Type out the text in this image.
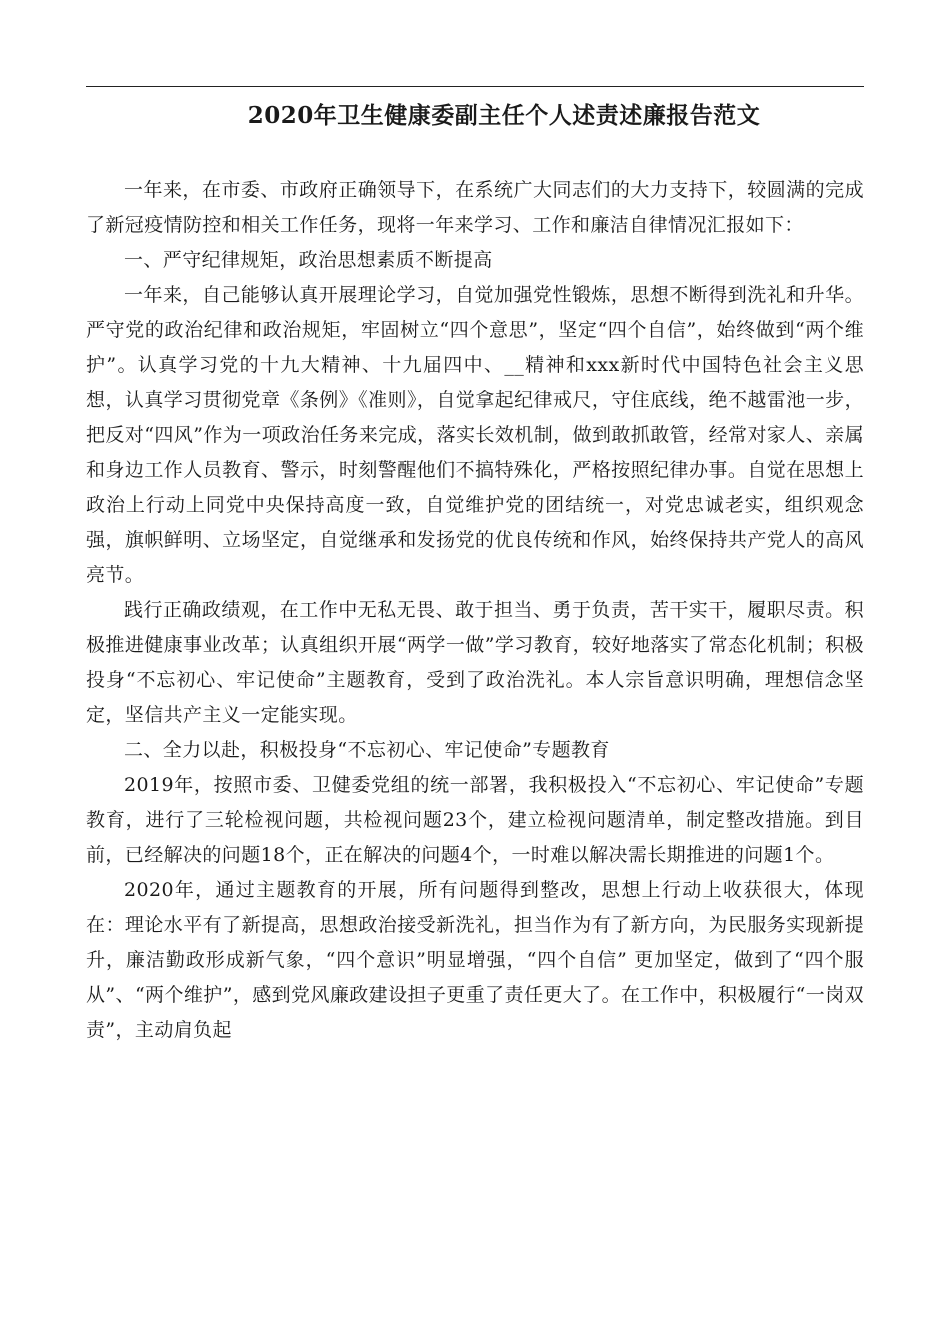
2020年卫生健康委副主任个人述责述廉报告范文

一年来，在市委、市政府正确领导下，在系统广大同志们的大力支持下，较圆满的完成了新冠疫情防控和相关工作任务，现将一年来学习、工作和廉洁自律情况汇报如下：

一、严守纪律规矩，政治思想素质不断提高

一年来，自己能够认真开展理论学习，自觉加强党性锻炼，思想不断得到洗礼和升华。严守党的政治纪律和政治规矩，牢固树立“四个意思”，坚定“四个自信”，始终做到“两个维护”。认真学习党的十九大精神、十九届四中、__精神和xxx新时代中国特色社会主义思想，认真学习贯彻党章《条例》《准则》，自觉拿起纪律戒尺，守住底线，绝不越雷池一步，把反对“四风”作为一项政治任务来完成，落实长效机制，做到敢抓敢管，经常对家人、亲属和身边工作人员教育、警示，时刻警醒他们不搞特殊化，严格按照纪律办事。自觉在思想上政治上行动上同党中央保持高度一致，自觉维护党的团结统一，对党忠诚老实，组织观念强，旗帜鲜明、立场坚定，自觉继承和发扬党的优良传统和作风，始终保持共产党人的高风亮节。

践行正确政绩观，在工作中无私无畏、敢于担当、勇于负责，苦干实干，履职尽责。积极推进健康事业改革；认真组织开展“两学一做”学习教育，较好地落实了常态化机制；积极投身“不忘初心、牢记使命”主题教育，受到了政治洗礼。本人宗旨意识明确，理想信念坚定，坚信共产主义一定能实现。

二、全力以赴，积极投身“不忘初心、牢记使命”专题教育

2019年，按照市委、卫健委党组的统一部署，我积极投入“不忘初心、牢记使命”专题教育，进行了三轮检视问题，共检视问题23个，建立检视问题清单，制定整改措施。到目前，已经解决的问题18个，正在解决的问题4个，一时难以解决需长期推进的问题1个。

2020年，通过主题教育的开展，所有问题得到整改，思想上行动上收获很大，体现在：理论水平有了新提高，思想政治接受新洗礼，担当作为有了新方向，为民服务实现新提升，廉洁勤政形成新气象，“四个意识”明显增强，“四个自信” 更加坚定，做到了“四个服从”、“两个维护”，感到党风廉政建设担子更重了责任更大了。在工作中，积极履行“一岗双责”，主动肩负起
